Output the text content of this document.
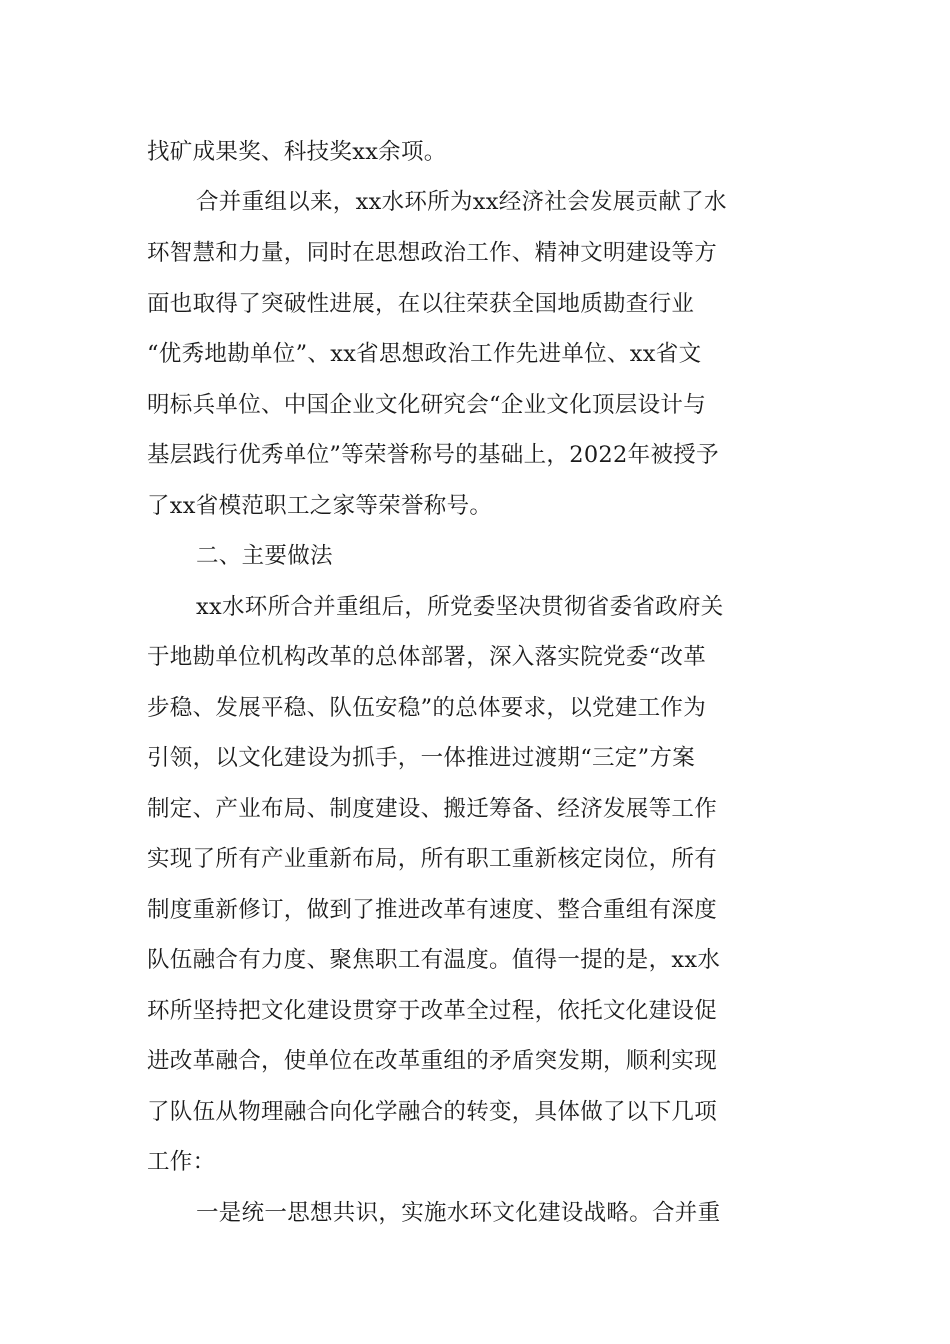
找矿成果奖、科技奖xx余项。
合并重组以来，xx水环所为xx经济社会发展贡献了水
环智慧和力量，同时在思想政治工作、精神文明建设等方
面也取得了突破性进展，在以往荣获全国地质勘查行业
“优秀地勘单位”、xx省思想政治工作先进单位、xx省文
明标兵单位、中国企业文化研究会“企业文化顶层设计与
基层践行优秀单位”等荣誉称号的基础上，2022年被授予
了xx省模范职工之家等荣誉称号。
二、主要做法
xx水环所合并重组后，所党委坚决贯彻省委省政府关
于地勘单位机构改革的总体部署，深入落实院党委“改革
步稳、发展平稳、队伍安稳”的总体要求，以党建工作为
引领，以文化建设为抓手，一体推进过渡期“三定”方案
制定、产业布局、制度建设、搬迁筹备、经济发展等工作
实现了所有产业重新布局，所有职工重新核定岗位，所有
制度重新修订，做到了推进改革有速度、整合重组有深度
队伍融合有力度、聚焦职工有温度。值得一提的是，xx水
环所坚持把文化建设贯穿于改革全过程，依托文化建设促
进改革融合，使单位在改革重组的矛盾突发期，顺利实现
了队伍从物理融合向化学融合的转变，具体做了以下几项
工作：
一是统一思想共识，实施水环文化建设战略。合并重
